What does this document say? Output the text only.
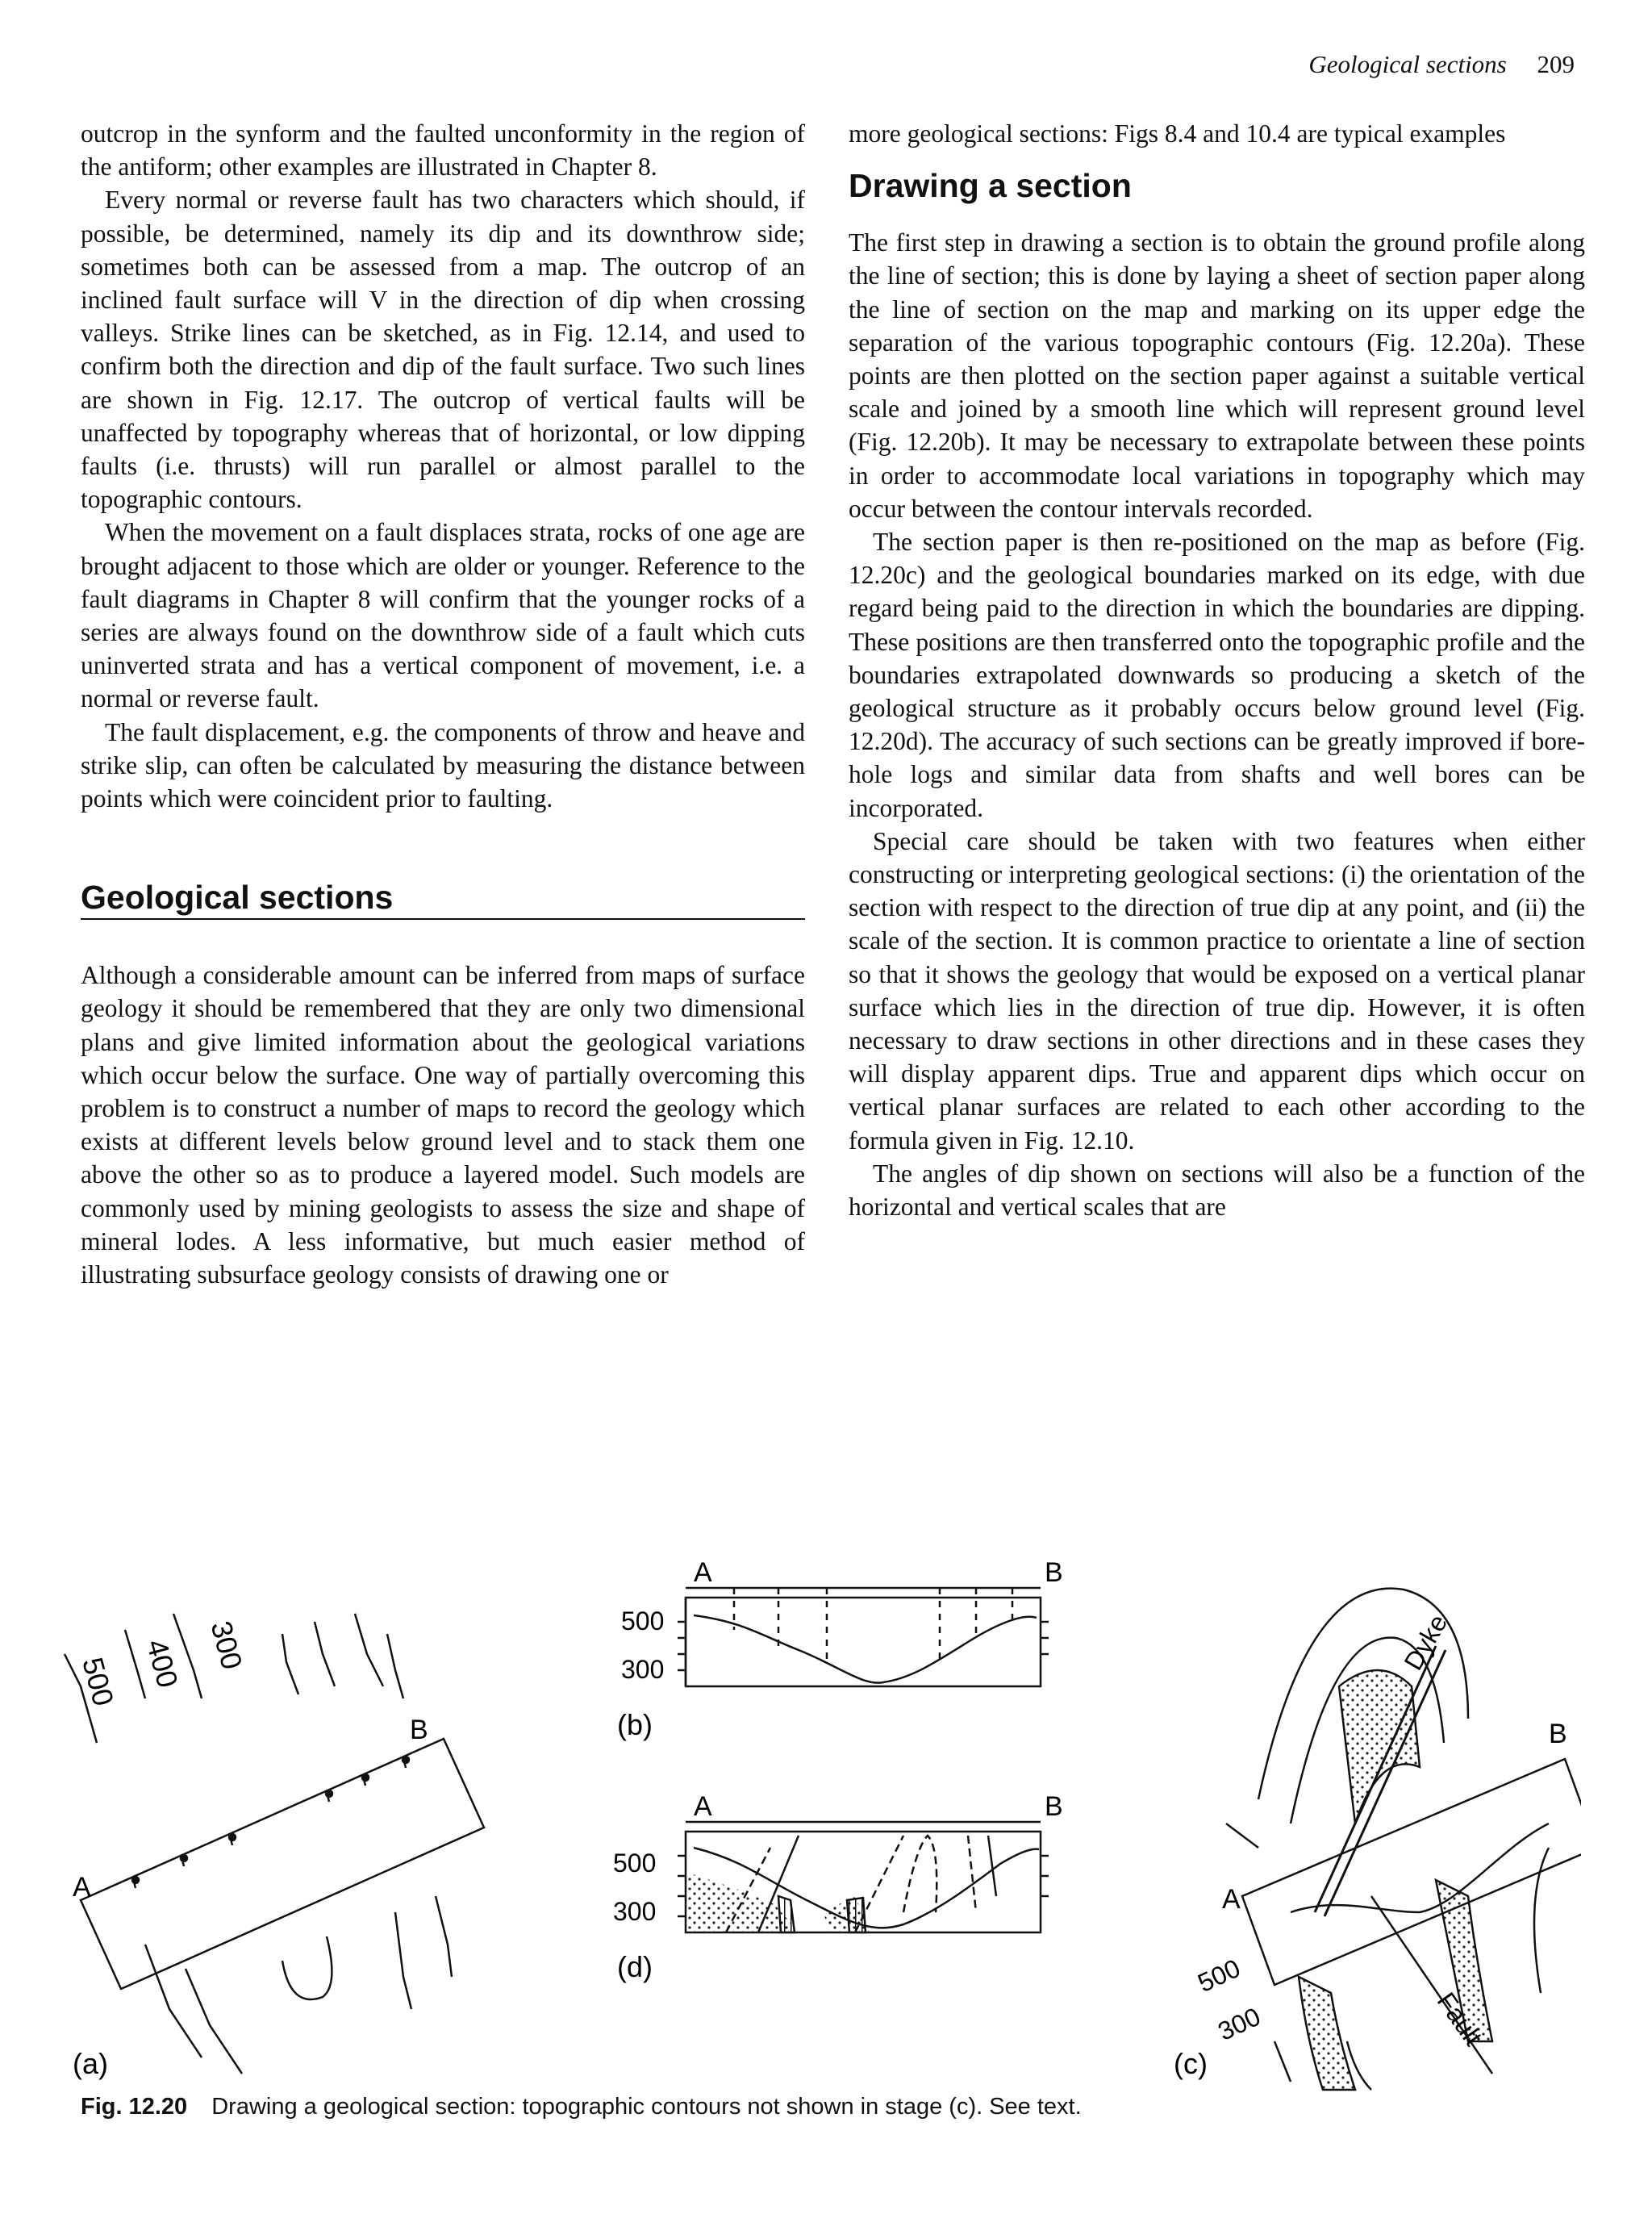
Geological sections 209

outcrop in the synform and the faulted unconformity in the region of the antiform; other examples are illustrated in Chapter 8.

Every normal or reverse fault has two characters which should, if possible, be determined, namely its dip and its downthrow side; sometimes both can be assessed from a map. The outcrop of an inclined fault surface will V in the direction of dip when crossing valleys. Strike lines can be sketched, as in Fig. 12.14, and used to confirm both the direction and dip of the fault surface. Two such lines are shown in Fig. 12.17. The outcrop of vertical faults will be unaffected by topography whereas that of horizontal, or low dipping faults (i.e. thrusts) will run parallel or almost parallel to the topographic contours.

When the movement on a fault displaces strata, rocks of one age are brought adjacent to those which are older or younger. Reference to the fault diagrams in Chapter 8 will confirm that the younger rocks of a series are always found on the downthrow side of a fault which cuts uninverted strata and has a vertical component of movement, i.e. a normal or reverse fault.

The fault displacement, e.g. the components of throw and heave and strike slip, can often be calculated by measuring the distance between points which were coincident prior to faulting.

Geological sections

Although a considerable amount can be inferred from maps of surface geology it should be remembered that they are only two dimensional plans and give limited information about the geological variations which occur below the surface. One way of partially overcoming this problem is to construct a number of maps to record the geology which exists at different levels below ground level and to stack them one above the other so as to produce a layered model. Such models are commonly used by mining geologists to assess the size and shape of mineral lodes. A less informative, but much easier method of illustrating subsurface geology consists of drawing one or

more geological sections: Figs 8.4 and 10.4 are typical examples

Drawing a section

The first step in drawing a section is to obtain the ground profile along the line of section; this is done by laying a sheet of section paper along the line of section on the map and marking on its upper edge the separation of the various topographic contours (Fig. 12.20a). These points are then plotted on the section paper against a suitable vertical scale and joined by a smooth line which will represent ground level (Fig. 12.20b). It may be necessary to extrapolate between these points in order to accommodate local variations in topography which may occur between the contour intervals recorded.

The section paper is then re-positioned on the map as before (Fig. 12.20c) and the geological boundaries marked on its edge, with due regard being paid to the direction in which the boundaries are dipping. These positions are then transferred onto the topographic profile and the boundaries extrapolated downwards so producing a sketch of the geological structure as it probably occurs below ground level (Fig. 12.20d). The accuracy of such sections can be greatly improved if bore-hole logs and similar data from shafts and well bores can be incorporated.

Special care should be taken with two features when either constructing or interpreting geological sections: (i) the orientation of the section with respect to the direction of true dip at any point, and (ii) the scale of the section. It is common practice to orientate a line of section so that it shows the geology that would be exposed on a vertical planar surface which lies in the direction of true dip. However, it is often necessary to draw sections in other directions and in these cases they will display apparent dips. True and apparent dips which occur on vertical planar surfaces are related to each other according to the formula given in Fig. 12.10.

The angles of dip shown on sections will also be a function of the horizontal and vertical scales that are

500 400 300
A
B
(a)
A	B
500
300
(b)
A	B
500
300
(d)
Dyke
Fault
A
B
500
300
(c)
Fig. 12.20 Drawing a geological section: topographic contours not shown in stage (c). See text.
